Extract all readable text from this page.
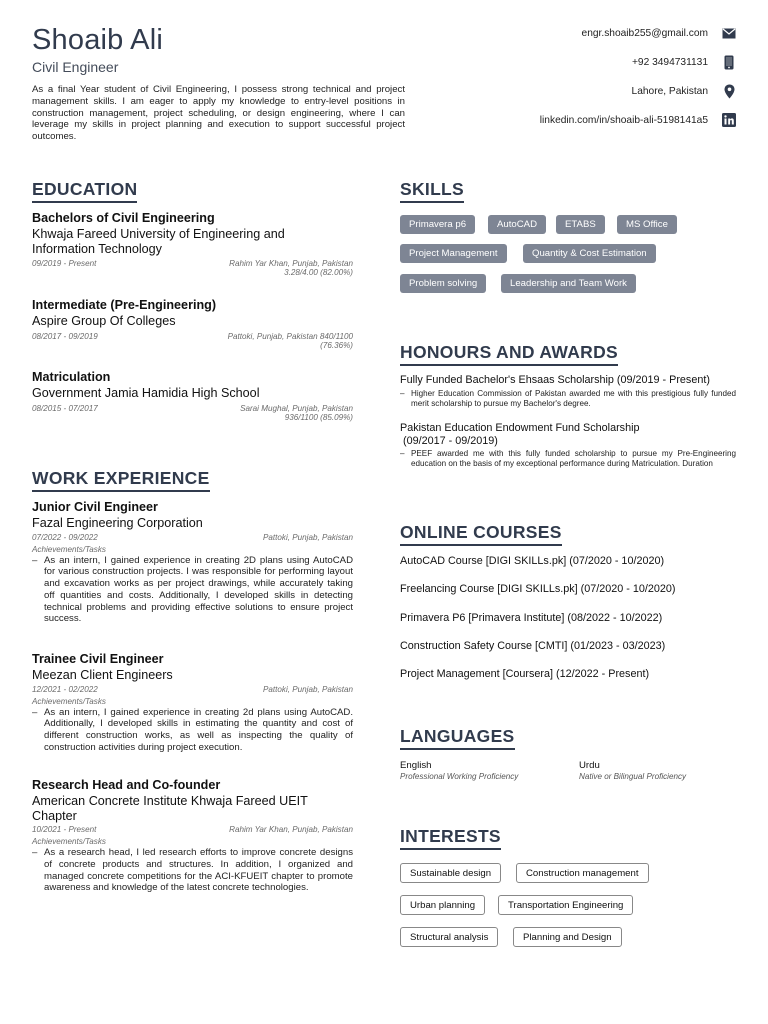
Shoaib Ali
Civil Engineer
As a final Year student of Civil Engineering, I possess strong technical and project management skills. I am eager to apply my knowledge to entry-level positions in construction management, project scheduling, or design engineering, where I can leverage my skills in project planning and execution to support successful project outcomes.
engr.shoaib255@gmail.com
+92 3494731131
Lahore, Pakistan
linkedin.com/in/shoaib-ali-5198141a5
EDUCATION
Bachelors of Civil Engineering
Khwaja Fareed University of Engineering and Information Technology
09/2019 - Present	Rahim Yar Khan, Punjab, Pakistan
3.28/4.00 (82.00%)
Intermediate (Pre-Engineering)
Aspire Group Of Colleges
08/2017 - 09/2019	Pattoki, Punjab, Pakistan 840/1100
(76.36%)
Matriculation
Government Jamia Hamidia High School
08/2015 - 07/2017	Sarai Mughal, Punjab, Pakistan
936/1100 (85.09%)
WORK EXPERIENCE
Junior Civil Engineer
Fazal Engineering Corporation
07/2022 - 09/2022	Pattoki, Punjab, Pakistan
Achievements/Tasks
– As an intern, I gained experience in creating 2D plans using AutoCAD for various construction projects. I was responsible for performing layout and excavation works as per project drawings, while accurately taking off quantities and costs. Additionally, I developed skills in detecting technical problems and providing effective solutions to ensure project success.
Trainee Civil Engineer
Meezan Client Engineers
12/2021 - 02/2022	Pattoki, Punjab, Pakistan
Achievements/Tasks
– As an intern, I gained experience in creating 2d plans using AutoCAD. Additionally, I developed skills in estimating the quantity and cost of different construction works, as well as inspecting the quality of construction activities during project execution.
Research Head and Co-founder
American Concrete Institute Khwaja Fareed UEIT Chapter
10/2021 - Present	Rahim Yar Khan, Punjab, Pakistan
Achievements/Tasks
– As a research head, I led research efforts to improve concrete designs of concrete products and structures. In addition, I organized and managed concrete competitions for the ACI-KFUEIT chapter to promote awareness and knowledge of the latest concrete technologies.
SKILLS
Primavera p6	AutoCAD	ETABS	MS Office
Project Management	Quantity & Cost Estimation
Problem solving	Leadership and Team Work
HONOURS AND AWARDS
Fully Funded Bachelor's Ehsaas Scholarship (09/2019 - Present)
– Higher Education Commission of Pakistan awarded me with this prestigious fully funded merit scholarship to pursue my Bachelor's degree.
Pakistan Education Endowment Fund Scholarship
(09/2017 - 09/2019)
– PEEF awarded me with this fully funded scholarship to pursue my Pre-Engineering education on the basis of my exceptional performance during Matriculation. Duration
ONLINE COURSES
AutoCAD Course [DIGI SKILLs.pk] (07/2020 - 10/2020)
Freelancing Course [DIGI SKILLs.pk] (07/2020 - 10/2020)
Primavera P6 [Primavera Institute] (08/2022 - 10/2022)
Construction Safety Course [CMTI] (01/2023 - 03/2023)
Project Management [Coursera] (12/2022 - Present)
LANGUAGES
English
Professional Working Proficiency
Urdu
Native or Bilingual Proficiency
INTERESTS
Sustainable design	Construction management
Urban planning	Transportation Engineering
Structural analysis	Planning and Design
